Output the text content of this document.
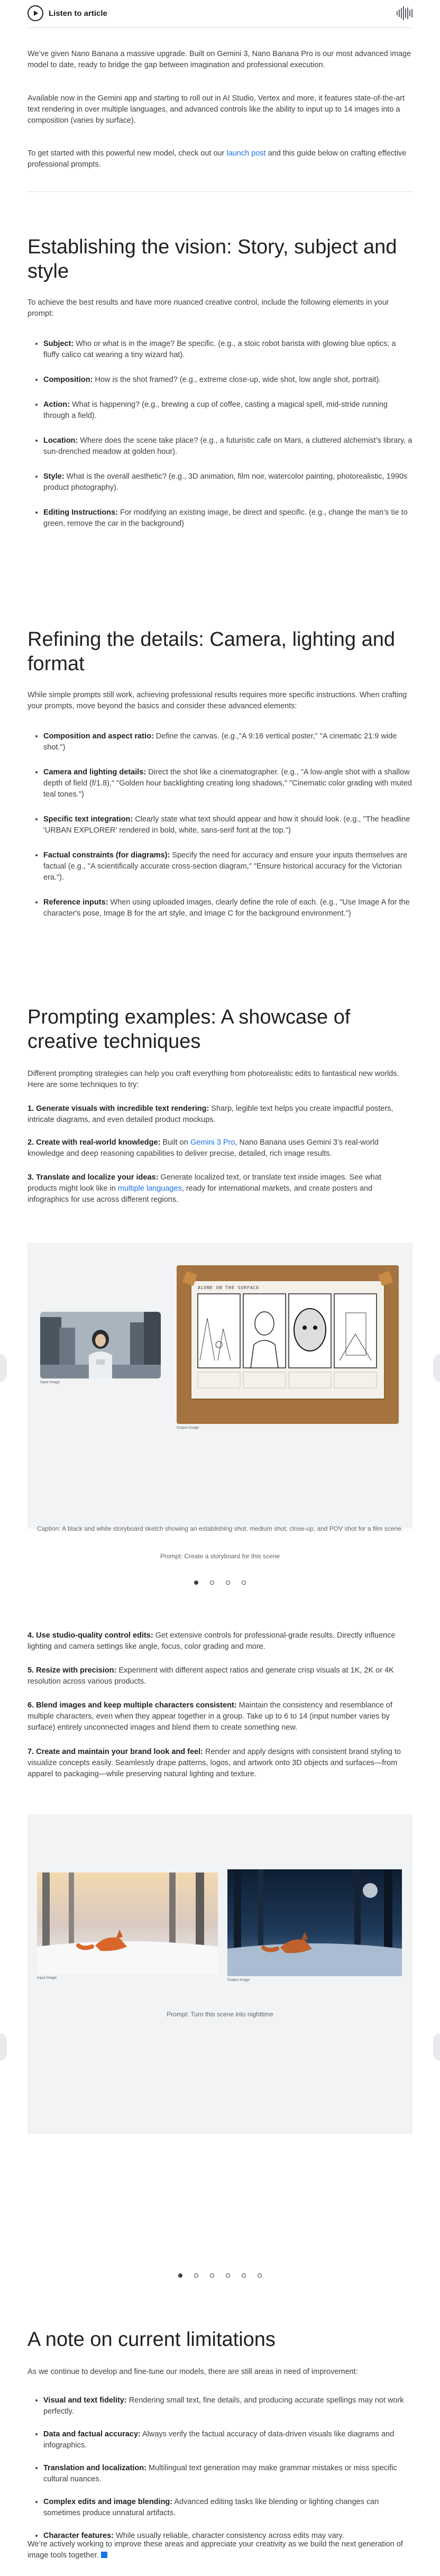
Listen to article

We’ve given Nano Banana a massive upgrade. Built on Gemini 3, Nano Banana Pro is our most advanced image model to date, ready to bridge the gap between imagination and professional execution.

Available now in the Gemini app and starting to roll out in AI Studio, Vertex and more, it features state-of-the-art text rendering in over multiple languages, and advanced controls like the ability to input up to 14 images into a composition (varies by surface).

To get started with this powerful new model, check out our launch post and this guide below on crafting effective professional prompts.

Establishing the vision: Story, subject and style

To achieve the best results and have more nuanced creative control, include the following elements in your prompt:

• Subject: Who or what is in the image? Be specific. (e.g., a stoic robot barista with glowing blue optics; a fluffy calico cat wearing a tiny wizard hat).
• Composition: How is the shot framed? (e.g., extreme close-up, wide shot, low angle shot, portrait).
• Action: What is happening? (e.g., brewing a cup of coffee, casting a magical spell, mid-stride running through a field).
• Location: Where does the scene take place? (e.g., a futuristic cafe on Mars, a cluttered alchemist’s library, a sun-drenched meadow at golden hour).
• Style: What is the overall aesthetic? (e.g., 3D animation, film noir, watercolor painting, photorealistic, 1990s product photography).
• Editing Instructions: For modifying an existing image, be direct and specific. (e.g., change the man’s tie to green, remove the car in the background)
Refining the details: Camera, lighting and format

While simple prompts still work, achieving professional results requires more specific instructions. When crafting your prompts, move beyond the basics and consider these advanced elements:

• Composition and aspect ratio: Define the canvas. (e.g.,"A 9:16 vertical poster," "A cinematic 21:9 wide shot.")
• Camera and lighting details: Direct the shot like a cinematographer. (e.g., "A low-angle shot with a shallow depth of field (f/1.8)," "Golden hour backlighting creating long shadows," "Cinematic color grading with muted teal tones.")
• Specific text integration: Clearly state what text should appear and how it should look. (e.g., "The headline 'URBAN EXPLORER' rendered in bold, white, sans-serif font at the top.")
• Factual constraints (for diagrams): Specify the need for accuracy and ensure your inputs themselves are factual (e.g., "A scientifically accurate cross-section diagram," "Ensure historical accuracy for the Victorian era.").
• Reference inputs: When using uploaded images, clearly define the role of each. (e.g., "Use Image A for the character's pose, Image B for the art style, and Image C for the background environment.")
Prompting examples: A showcase of creative techniques

Different prompting strategies can help you craft everything from photorealistic edits to fantastical new worlds. Here are some techniques to try:

1. Generate visuals with incredible text rendering: Sharp, legible text helps you create impactful posters, intricate diagrams, and even detailed product mockups.

2. Create with real-world knowledge: Built on Gemini 3 Pro, Nano Banana uses Gemini 3’s real-world knowledge and deep reasoning capabilities to deliver precise, detailed, rich image results.

3. Translate and localize your ideas: Generate localized text, or translate text inside images. See what products might look like in multiple languages, ready for international markets, and create posters and infographics for use across different regions.

Input Image
ALONE ON THE SURFACE
Output Image
Caption: A black and white storyboard sketch showing an establishing shot, medium shot, close-up, and POV shot for a film scene.
Prompt: Create a storyboard for this scene

4. Use studio-quality control edits: Get extensive controls for professional-grade results. Directly influence lighting and camera settings like angle, focus, color grading and more.

5. Resize with precision: Experiment with different aspect ratios and generate crisp visuals at 1K, 2K or 4K resolution across various products.

6. Blend images and keep multiple characters consistent: Maintain the consistency and resemblance of multiple characters, even when they appear together in a group. Take up to 6 to 14 (input number varies by surface) entirely unconnected images and blend them to create something new.

7. Create and maintain your brand look and feel: Render and apply designs with consistent brand styling to visualize concepts easily. Seamlessly drape patterns, logos, and artwork onto 3D objects and surfaces—from apparel to packaging—while preserving natural lighting and texture.

Input Image
Output Image
Prompt: Turn this scene into nighttime
A note on current limitations

As we continue to develop and fine-tune our models, there are still areas in need of improvement:

• Visual and text fidelity: Rendering small text, fine details, and producing accurate spellings may not work perfectly.
• Data and factual accuracy: Always verify the factual accuracy of data-driven visuals like diagrams and infographics.
• Translation and localization: Multilingual text generation may make grammar mistakes or miss specific cultural nuances.
• Complex edits and image blending: Advanced editing tasks like blending or lighting changes can sometimes produce unnatural artifacts.
• Character features: While usually reliable, character consistency across edits may vary.

We’re actively working to improve these areas and appreciate your creativity as we build the next generation of image tools together.
